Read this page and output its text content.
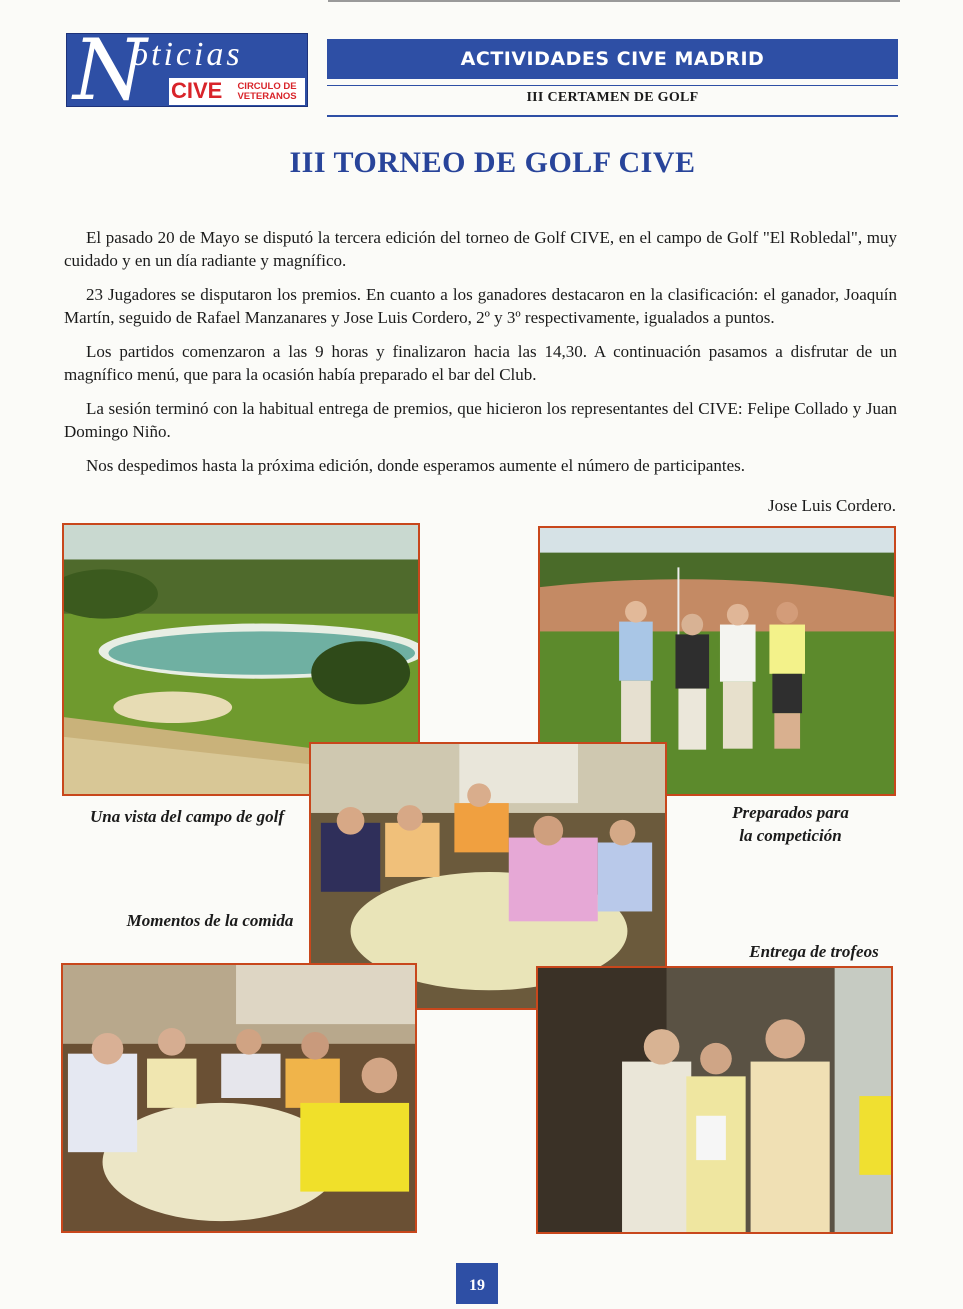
N
oticias
CIVE	CIRCULO DE
VETERANOS
ACTIVIDADES CIVE MADRID
III CERTAMEN DE GOLF
III TORNEO DE GOLF CIVE

El pasado 20 de Mayo se disputó la tercera edición del torneo de Golf CIVE, en el campo de Golf "El Robledal", muy cuidado y en un día radiante y magnífico.

23 Jugadores se disputaron los premios. En cuanto a los ganadores destacaron en la clasificación: el ganador, Joaquín Martín, seguido de Rafael Manzanares y Jose Luis Cordero, 2º y 3º respectivamente, igualados a puntos.

Los partidos comenzaron a las 9 horas y finalizaron hacia las 14,30. A continuación pasamos a disfrutar de un magnífico menú, que para la ocasión había preparado el bar del Club.

La sesión terminó con la habitual entrega de premios, que hicieron los representantes del CIVE: Felipe Collado y Juan Domingo Niño.

Nos despedimos hasta la próxima edición, donde esperamos aumente el número de participantes.

Jose Luis Cordero.
Una vista del campo de golf	Preparados para
la competición
Momentos de la comida
Entrega de trofeos
19
